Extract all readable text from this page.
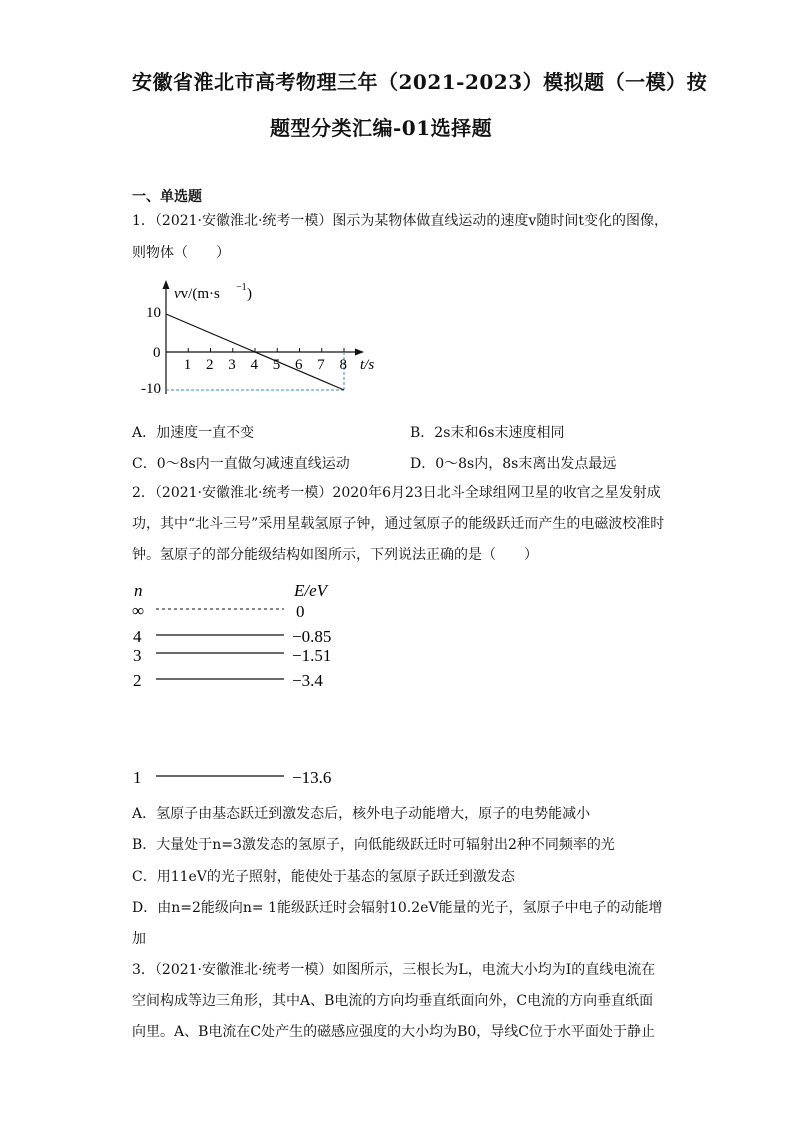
安徽省淮北市高考物理三年（2021-2023）模拟题（一模）按
题型分类汇编-01选择题
一、单选题
1．（2021·安徽淮北·统考一模）图示为某物体做直线运动的速度v随时间t变化的图像，
则物体（　　）
vv/(m·s −1 )
10
0
-10
1 2 3 4 5 6 7 8 t/s
A．加速度一直不变	B．2s末和6s末速度相同
C．0～8s内一直做匀减速直线运动	D．0～8s内，8s末离出发点最远
2．（2021·安徽淮北·统考一模）2020年6月23日北斗全球组网卫星的收官之星发射成
功，其中“北斗三号”采用星载氢原子钟，通过氢原子的能级跃迁而产生的电磁波校准时
钟。氢原子的部分能级结构如图所示，下列说法正确的是（　　）
n	E/eV
∞	0
4	−0.85
3	−1.51
2	−3.4
1	−13.6
A．氢原子由基态跃迁到激发态后，核外电子动能增大，原子的电势能减小
B．大量处于n=3激发态的氢原子，向低能级跃迁时可辐射出2种不同频率的光
C．用11eV的光子照射，能使处于基态的氢原子跃迁到激发态
D．由n=2能级向n= 1能级跃迁时会辐射10.2eV能量的光子，氢原子中电子的动能增
加
3．（2021·安徽淮北·统考一模）如图所示，三根长为L，电流大小均为I的直线电流在
空间构成等边三角形，其中A、B电流的方向均垂直纸面向外，C电流的方向垂直纸面
向里。A、B电流在C处产生的磁感应强度的大小均为B0，导线C位于水平面处于静止
